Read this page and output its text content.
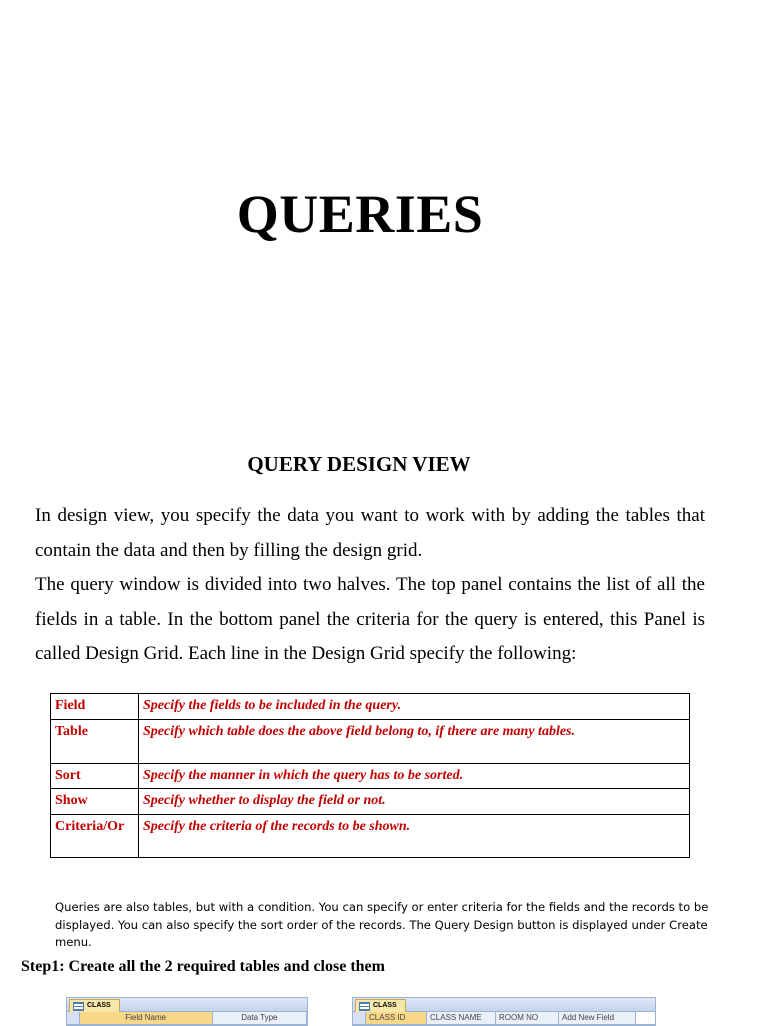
QUERIES
QUERY DESIGN VIEW

In design view, you specify the data you want to work with by adding the tables that contain the data and then by filling the design grid.

The query window is divided into two halves. The top panel contains the list of all the fields in a table. In the bottom panel the criteria for the query is entered, this Panel is called Design Grid. Each line in the Design Grid specify the following:

Field	Specify the fields to be included in the query.
Table	Specify which table does the above field belong to, if there are many tables.
Sort	Specify the manner in which the query has to be sorted.
Show	Specify whether to display the field or not.
Criteria/Or	Specify the criteria of the records to be shown.

Queries are also tables, but with a condition. You can specify or enter criteria for the fields and the records to be displayed. You can also specify the sort order of the records. The Query Design button is displayed under Create menu.

Step1: Create all the 2 required tables and close them

CLASS
Field Name	Data Type
CLASS
CLASS ID	CLASS NAME	ROOM NO	Add New Field
